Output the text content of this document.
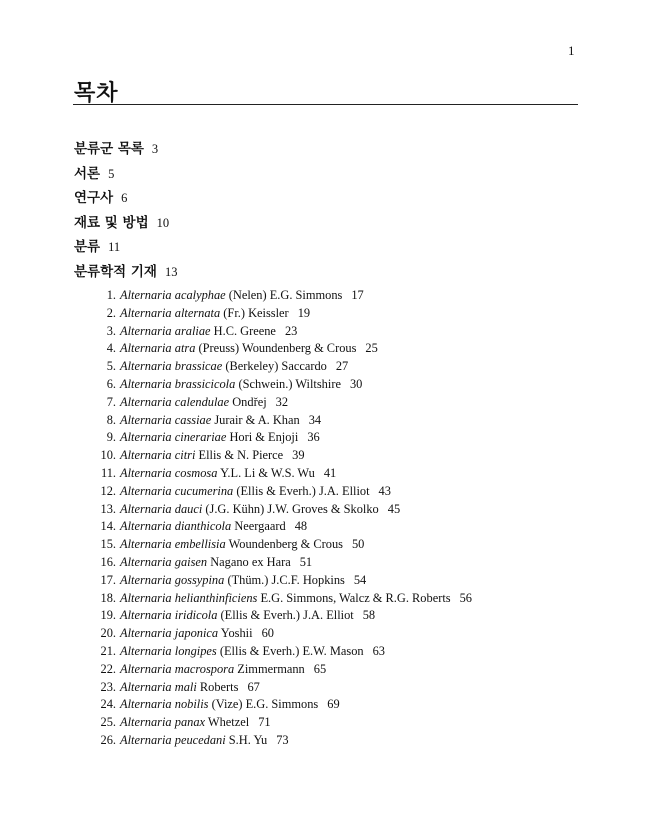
1
목차
분류군 목록 3
서론 5
연구사 6
재료 및 방법 10
분류 11
분류학적 기재 13
1. Alternaria acalyphae (Nelen) E.G. Simmons 17
2. Alternaria alternata (Fr.) Keissler 19
3. Alternaria araliae H.C. Greene 23
4. Alternaria atra (Preuss) Woundenberg & Crous 25
5. Alternaria brassicae (Berkeley) Saccardo 27
6. Alternaria brassicicola (Schwein.) Wiltshire 30
7. Alternaria calendulae Ondřej 32
8. Alternaria cassiae Jurair & A. Khan 34
9. Alternaria cinerariae Hori & Enjoji 36
10. Alternaria citri Ellis & N. Pierce 39
11. Alternaria cosmosa Y.L. Li & W.S. Wu 41
12. Alternaria cucumerina (Ellis & Everh.) J.A. Elliot 43
13. Alternaria dauci (J.G. Kühn) J.W. Groves & Skolko 45
14. Alternaria dianthicola Neergaard 48
15. Alternaria embellisia Woundenberg & Crous 50
16. Alternaria gaisen Nagano ex Hara 51
17. Alternaria gossypina (Thüm.) J.C.F. Hopkins 54
18. Alternaria helianthinficiens E.G. Simmons, Walcz & R.G. Roberts 56
19. Alternaria iridicola (Ellis & Everh.) J.A. Elliot 58
20. Alternaria japonica Yoshii 60
21. Alternaria longipes (Ellis & Everh.) E.W. Mason 63
22. Alternaria macrospora Zimmermann 65
23. Alternaria mali Roberts 67
24. Alternaria nobilis (Vize) E.G. Simmons 69
25. Alternaria panax Whetzel 71
26. Alternaria peucedani S.H. Yu 73
